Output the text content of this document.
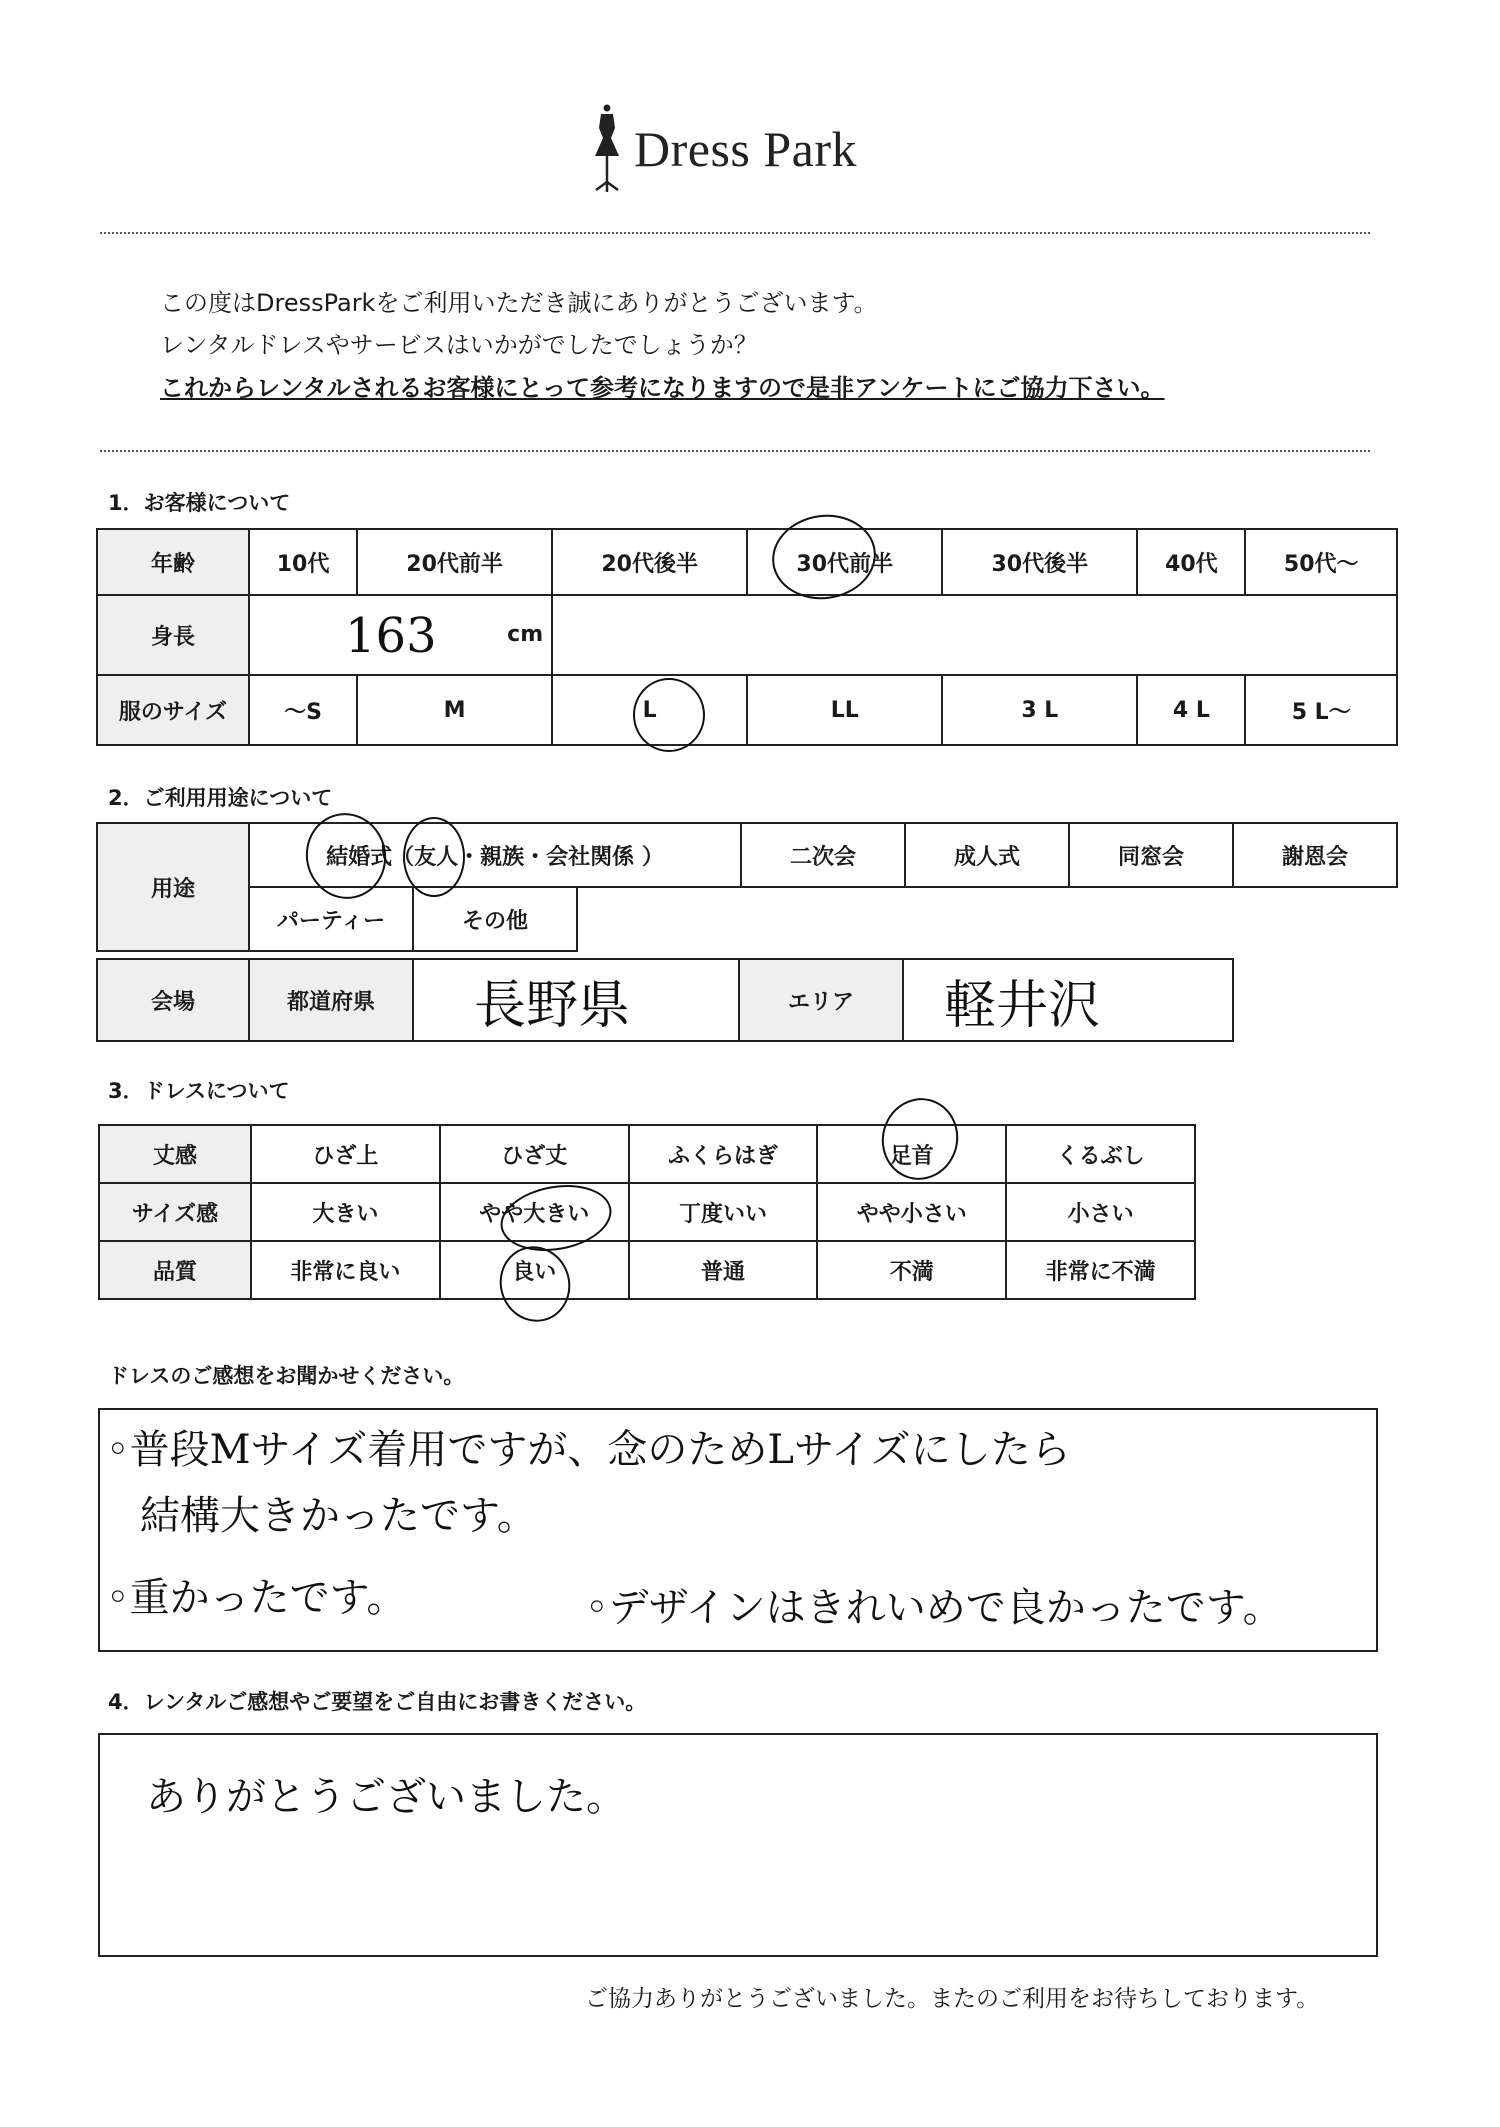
Dress Park
この度はDressParkをご利用いただき誠にありがとうございます。
レンタルドレスやサービスはいかがでしたでしょうか？
これからレンタルされるお客様にとって参考になりますので是非アンケートにご協力下さい。
1．お客様について
年齢	10代	20代前半	20代後半	30代前半	30代後半	40代	50代～
身長	163 cm						

服のサイズ	～S	M	L	LL	3 L	4 L	5 L～
2．ご利用用途について
用途	結婚式（友人・親族・会社関係 ）			二次会	成人式	同窓会	謝恩会
	パーティー	その他					
会場	都道府県	長野県	エリア	軽井沢
3．ドレスについて
丈感	ひざ上	ひざ丈	ふくらはぎ	足首	くるぶし
サイズ感	大きい	やや大きい	丁度いい	やや小さい	小さい
品質	非常に良い	良い	普通	不満	非常に不満
ドレスのご感想をお聞かせください。
◦普段Mサイズ着用ですが、念のためLサイズにしたら
結構大きかったです。
◦重かったです。	◦デザインはきれいめで良かったです。
4．レンタルご感想やご要望をご自由にお書きください。
ありがとうございました。
ご協力ありがとうございました。またのご利用をお待ちしております。
